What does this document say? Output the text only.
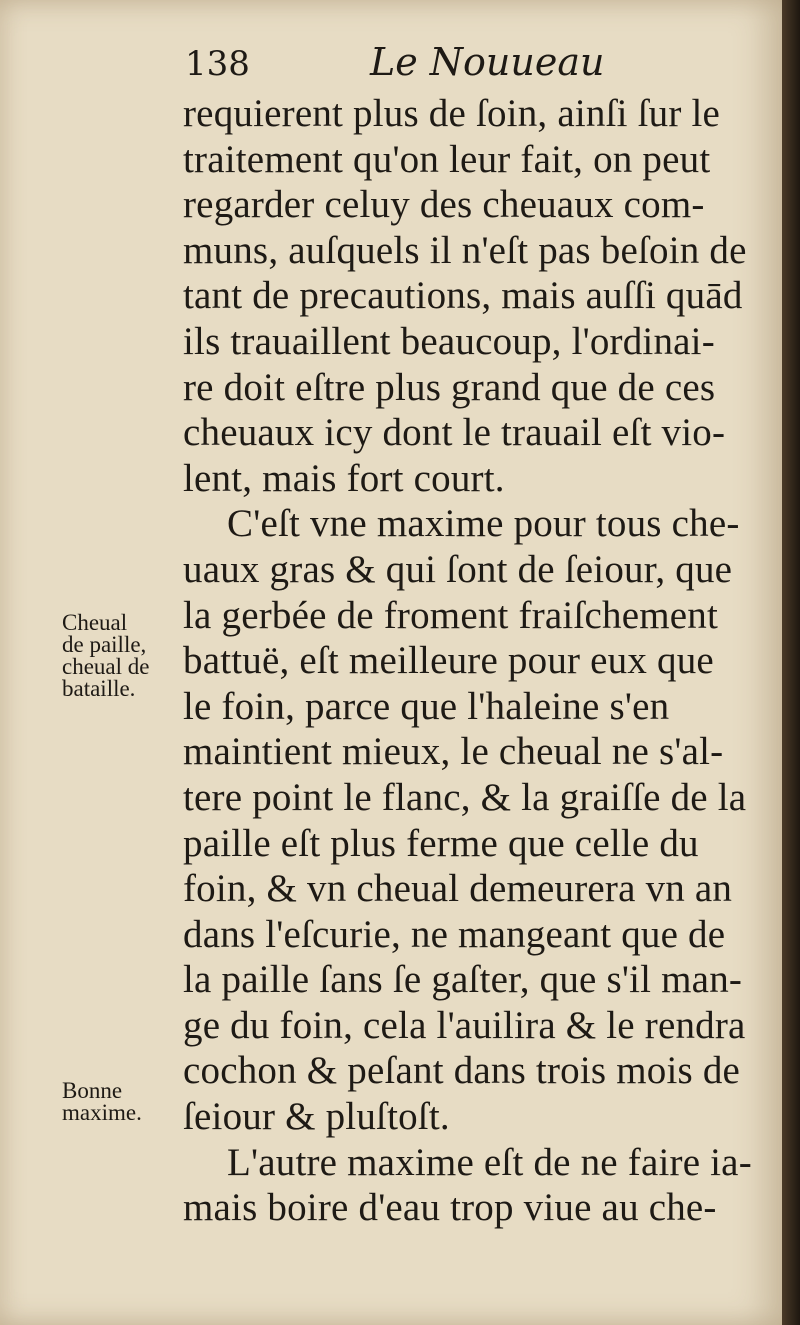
138	Le Nouueau
Cheual
de paille,
cheual de
bataille.
Bonne
maxime.
requierent plus de ſoin, ainſi ſur le
traitement qu'on leur fait, on peut
regarder celuy des cheuaux com-
muns, auſquels il n'eſt pas beſoin de
tant de precautions, mais auſſi quād
ils trauaillent beaucoup, l'ordinai-
re doit eſtre plus grand que de ces
cheuaux icy dont le trauail eſt vio-
lent, mais fort court.
C'eſt vne maxime pour tous che-
uaux gras & qui ſont de ſeiour, que
la gerbée de froment fraiſchement
battuë, eſt meilleure pour eux que
le foin, parce que l'haleine s'en
maintient mieux, le cheual ne s'al-
tere point le flanc, & la graiſſe de la
paille eſt plus ferme que celle du
foin, & vn cheual demeurera vn an
dans l'eſcurie, ne mangeant que de
la paille ſans ſe gaſter, que s'il man-
ge du foin, cela l'auilira & le rendra
cochon & peſant dans trois mois de
ſeiour & pluſtoſt.
L'autre maxime eſt de ne faire ia-
mais boire d'eau trop viue au che-
